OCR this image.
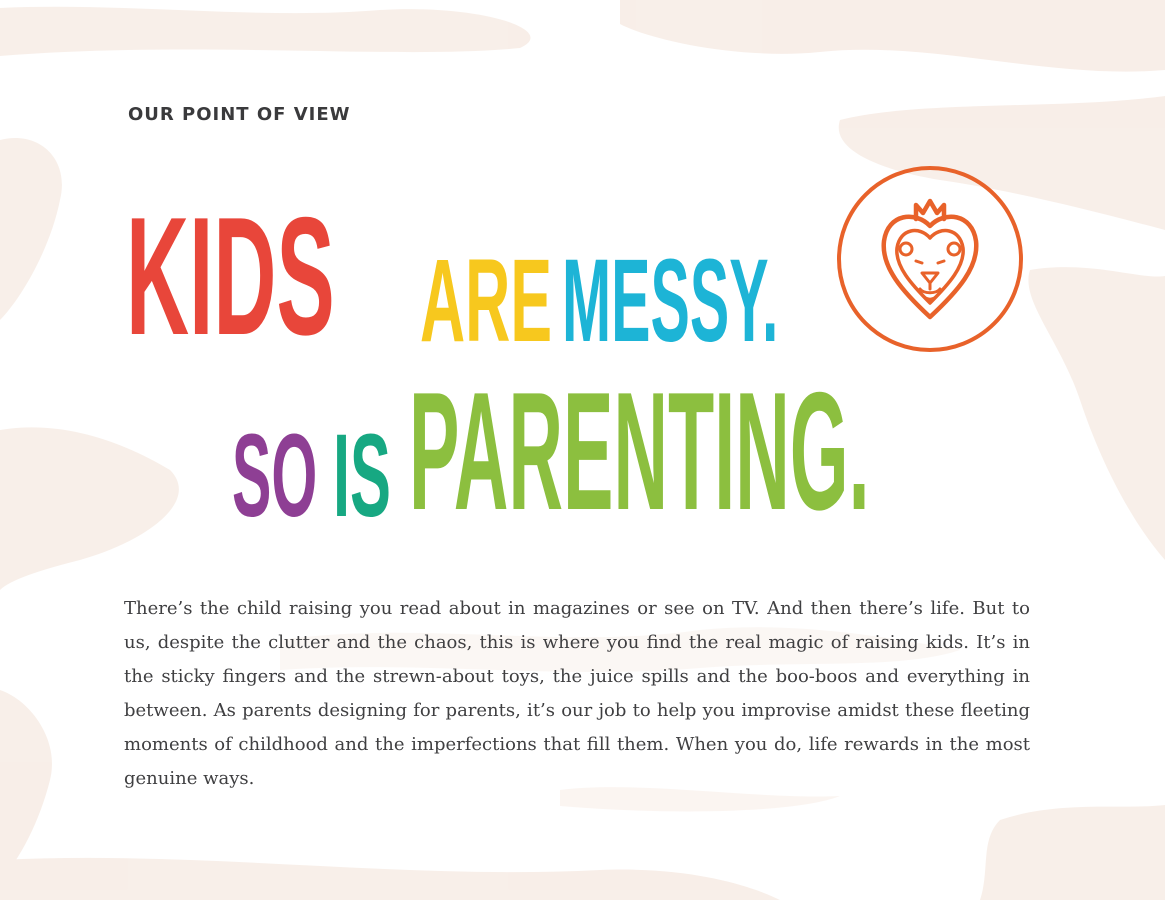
OUR POINT OF VIEW

KIDS ARE MESSY.
SO IS PARENTING.

There’s the child raising you read about in magazines or see on TV. And then there’s life. But to us, despite the clutter and the chaos, this is where you find the real magic of raising kids. It’s in the sticky fingers and the strewn-about toys, the juice spills and the boo-boos and everything in between. As parents designing for parents, it’s our job to help you improvise amidst these fleeting moments of childhood and the imperfections that fill them. When you do, life rewards in the most genuine ways.
